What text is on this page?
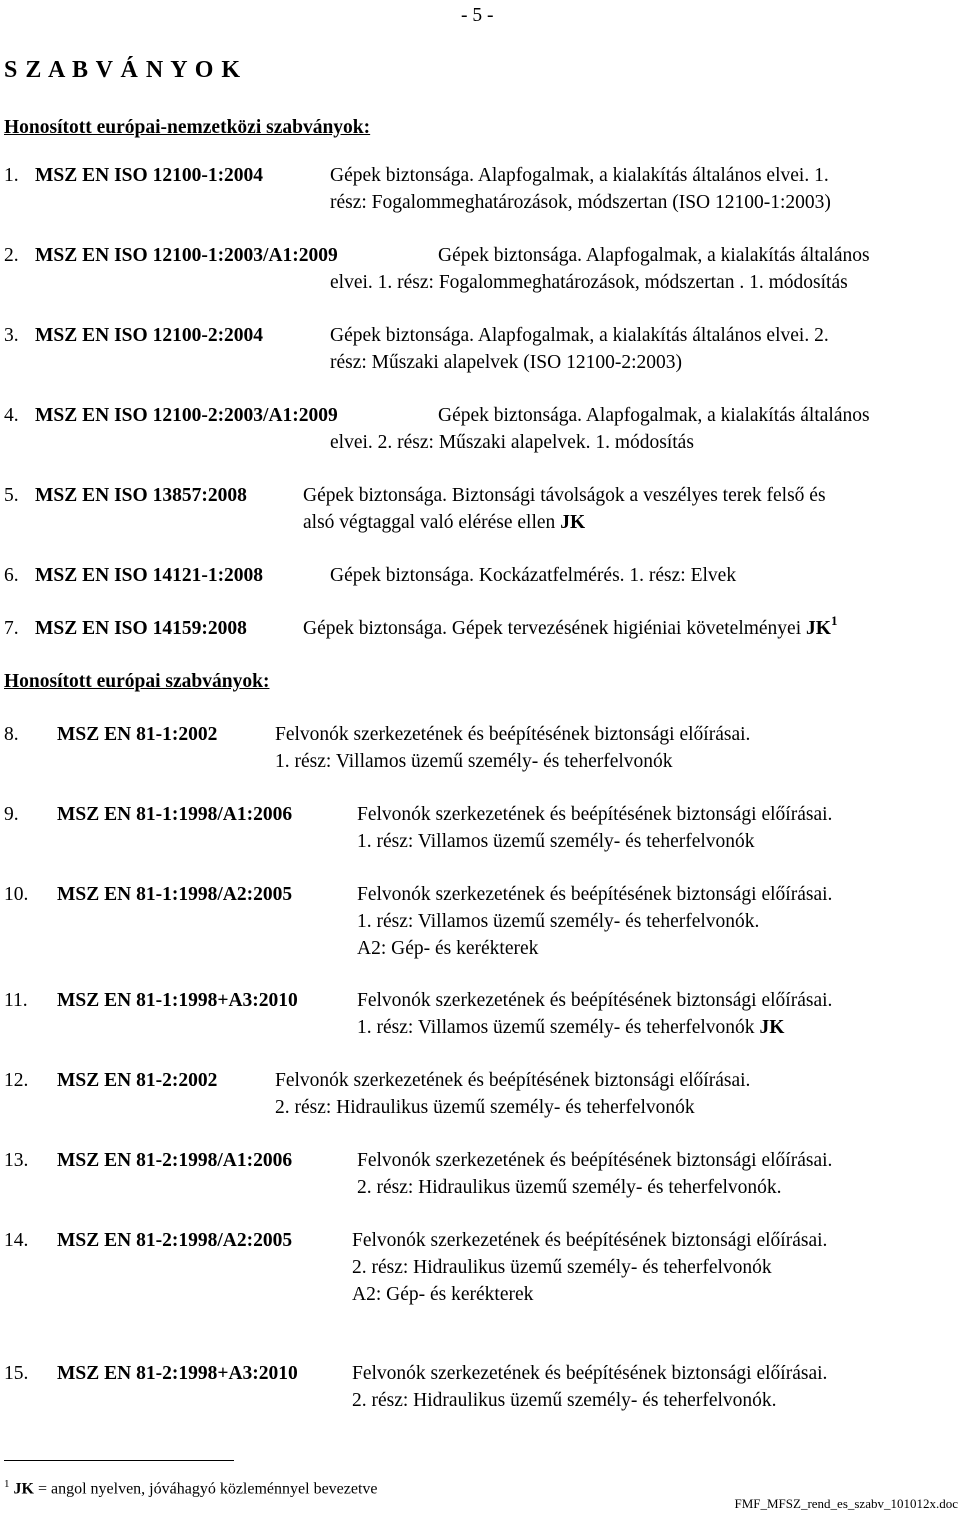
- 5 -
S Z A B V Á N Y O K
Honosított európai-nemzetközi szabványok:
1. MSZ EN ISO 12100-1:2004	Gépek biztonsága. Alapfogalmak, a kialakítás általános elvei. 1.
rész: Fogalommeghatározások, módszertan (ISO 12100-1:2003)
2. MSZ EN ISO 12100-1:2003/A1:2009	Gépek biztonsága. Alapfogalmak, a kialakítás általános
elvei. 1. rész: Fogalommeghatározások, módszertan . 1. módosítás
3. MSZ EN ISO 12100-2:2004	Gépek biztonsága. Alapfogalmak, a kialakítás általános elvei. 2.
rész: Műszaki alapelvek (ISO 12100-2:2003)
4. MSZ EN ISO 12100-2:2003/A1:2009	Gépek biztonsága. Alapfogalmak, a kialakítás általános
elvei. 2. rész: Műszaki alapelvek. 1. módosítás
5. MSZ EN ISO 13857:2008	Gépek biztonsága. Biztonsági távolságok a veszélyes terek felső és
alsó végtaggal való elérése ellen JK
6. MSZ EN ISO 14121-1:2008	Gépek biztonsága. Kockázatfelmérés. 1. rész: Elvek
7. MSZ EN ISO 14159:2008	Gépek biztonsága. Gépek tervezésének higiéniai követelményei JK$^1$
Honosított európai szabványok:
8. MSZ EN 81-1:2002	Felvonók szerkezetének és beépítésének biztonsági előírásai.
1. rész: Villamos üzemű személy- és teherfelvonók
9. MSZ EN 81-1:1998/A1:2006	Felvonók szerkezetének és beépítésének biztonsági előírásai.
1. rész: Villamos üzemű személy- és teherfelvonók
10. MSZ EN 81-1:1998/A2:2005	Felvonók szerkezetének és beépítésének biztonsági előírásai.
1. rész: Villamos üzemű személy- és teherfelvonók.
A2: Gép- és kerékterek
11. MSZ EN 81-1:1998+A3:2010	Felvonók szerkezetének és beépítésének biztonsági előírásai.
1. rész: Villamos üzemű személy- és teherfelvonók JK
12. MSZ EN 81-2:2002	Felvonók szerkezetének és beépítésének biztonsági előírásai.
2. rész: Hidraulikus üzemű személy- és teherfelvonók
13. MSZ EN 81-2:1998/A1:2006	Felvonók szerkezetének és beépítésének biztonsági előírásai.
2. rész: Hidraulikus üzemű személy- és teherfelvonók.
14. MSZ EN 81-2:1998/A2:2005	Felvonók szerkezetének és beépítésének biztonsági előírásai.
2. rész: Hidraulikus üzemű személy- és teherfelvonók
A2: Gép- és kerékterek
15. MSZ EN 81-2:1998+A3:2010	Felvonók szerkezetének és beépítésének biztonsági előírásai.
2. rész: Hidraulikus üzemű személy- és teherfelvonók.
$^1$ JK = angol nyelven, jóváhagyó közleménnyel bevezetve
FMF_MFSZ_rend_es_szabv_101012x.doc
